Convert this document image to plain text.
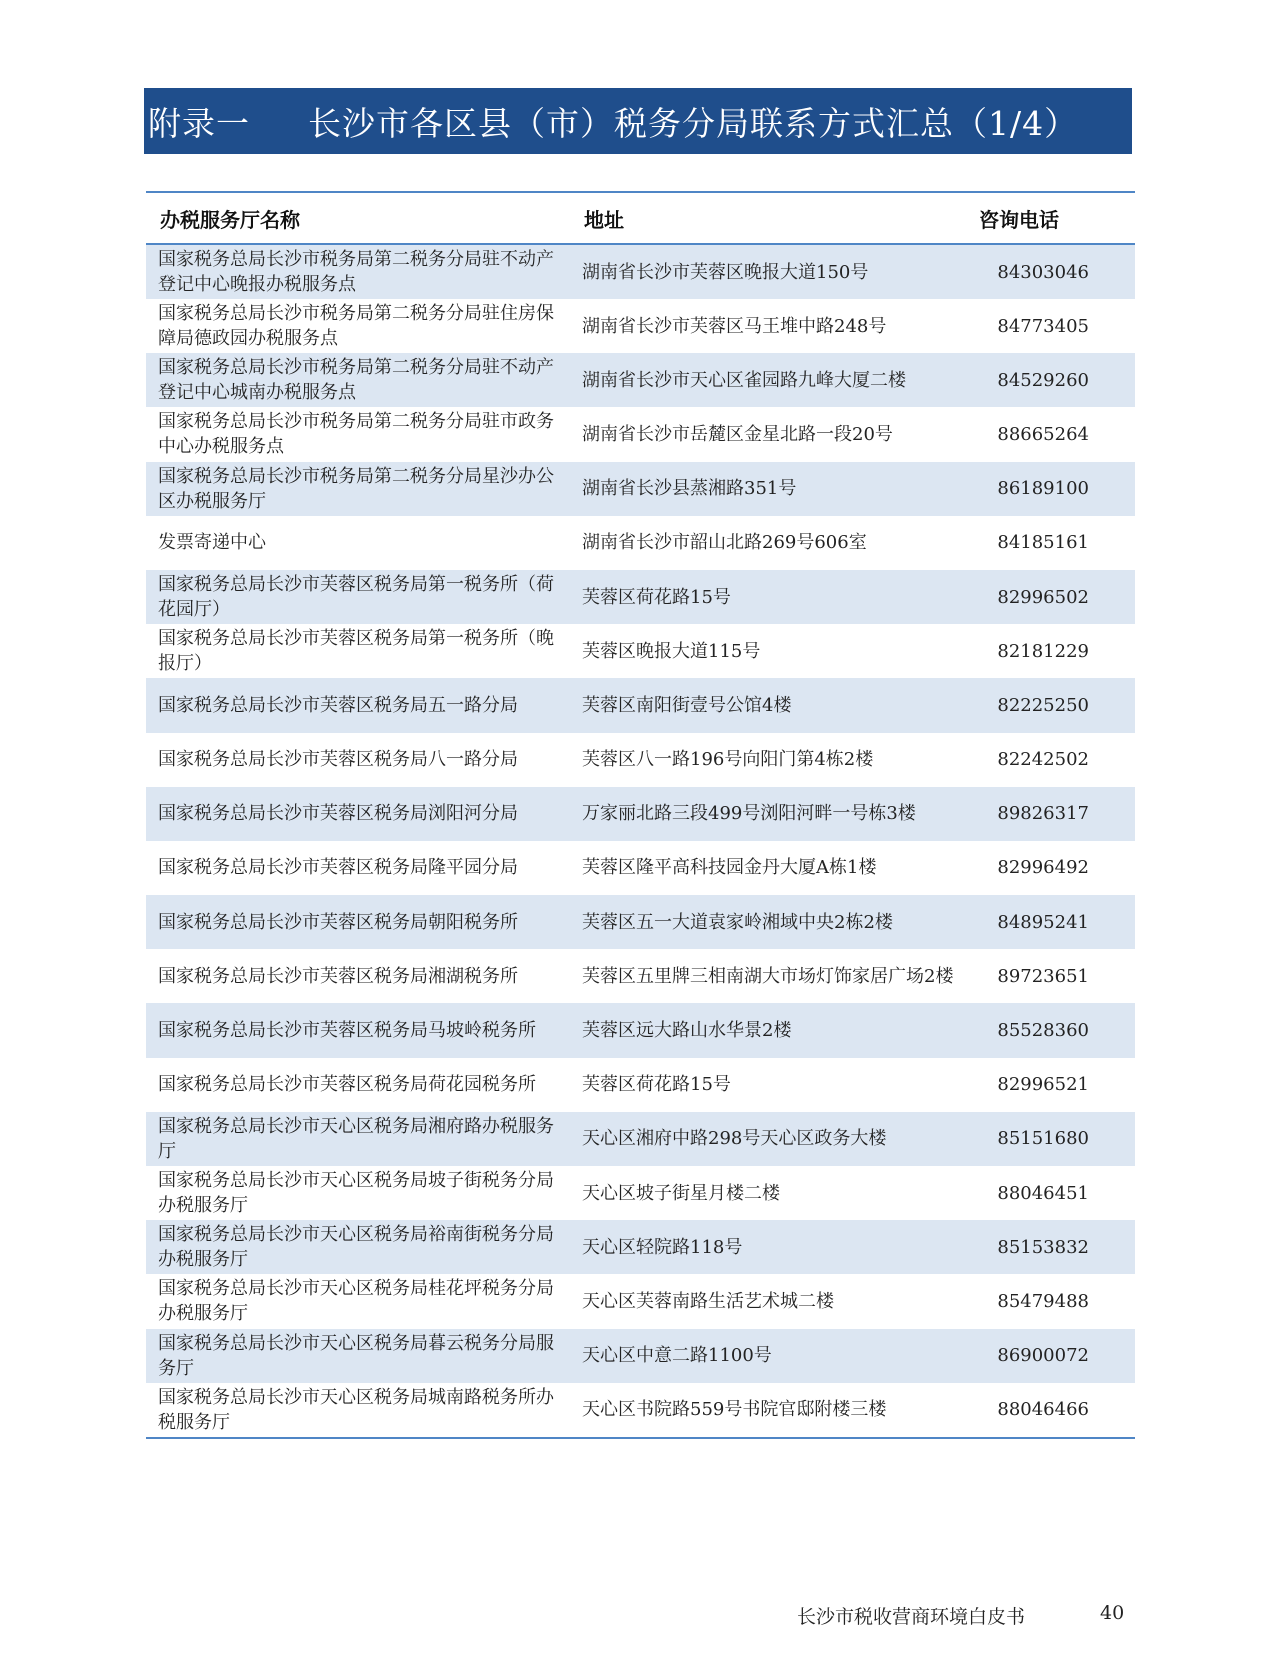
附录一	长沙市各区县（市）税务分局联系方式汇总（1/4）
办税服务厅名称	地址	咨询电话
国家税务总局长沙市税务局第二税务分局驻不动产登记中心晚报办税服务点	湖南省长沙市芙蓉区晚报大道150号	84303046
国家税务总局长沙市税务局第二税务分局驻住房保障局德政园办税服务点	湖南省长沙市芙蓉区马王堆中路248号	84773405
国家税务总局长沙市税务局第二税务分局驻不动产登记中心城南办税服务点	湖南省长沙市天心区雀园路九峰大厦二楼	84529260
国家税务总局长沙市税务局第二税务分局驻市政务中心办税服务点	湖南省长沙市岳麓区金星北路一段20号	88665264
国家税务总局长沙市税务局第二税务分局星沙办公区办税服务厅	湖南省长沙县蒸湘路351号	86189100
发票寄递中心	湖南省长沙市韶山北路269号606室	84185161
国家税务总局长沙市芙蓉区税务局第一税务所（荷花园厅）	芙蓉区荷花路15号	82996502
国家税务总局长沙市芙蓉区税务局第一税务所（晚报厅）	芙蓉区晚报大道115号	82181229
国家税务总局长沙市芙蓉区税务局五一路分局	芙蓉区南阳街壹号公馆4楼	82225250
国家税务总局长沙市芙蓉区税务局八一路分局	芙蓉区八一路196号向阳门第4栋2楼	82242502
国家税务总局长沙市芙蓉区税务局浏阳河分局	万家丽北路三段499号浏阳河畔一号栋3楼	89826317
国家税务总局长沙市芙蓉区税务局隆平园分局	芙蓉区隆平高科技园金丹大厦A栋1楼	82996492
国家税务总局长沙市芙蓉区税务局朝阳税务所	芙蓉区五一大道袁家岭湘域中央2栋2楼	84895241
国家税务总局长沙市芙蓉区税务局湘湖税务所	芙蓉区五里牌三相南湖大市场灯饰家居广场2楼	89723651
国家税务总局长沙市芙蓉区税务局马坡岭税务所	芙蓉区远大路山水华景2楼	85528360
国家税务总局长沙市芙蓉区税务局荷花园税务所	芙蓉区荷花路15号	82996521
国家税务总局长沙市天心区税务局湘府路办税服务厅	天心区湘府中路298号天心区政务大楼	85151680
国家税务总局长沙市天心区税务局坡子街税务分局办税服务厅	天心区坡子街星月楼二楼	88046451
国家税务总局长沙市天心区税务局裕南街税务分局办税服务厅	天心区轻院路118号	85153832
国家税务总局长沙市天心区税务局桂花坪税务分局办税服务厅	天心区芙蓉南路生活艺术城二楼	85479488
国家税务总局长沙市天心区税务局暮云税务分局服务厅	天心区中意二路1100号	86900072
国家税务总局长沙市天心区税务局城南路税务所办税服务厅	天心区书院路559号书院官邸附楼三楼	88046466
长沙市税收营商环境白皮书	40
